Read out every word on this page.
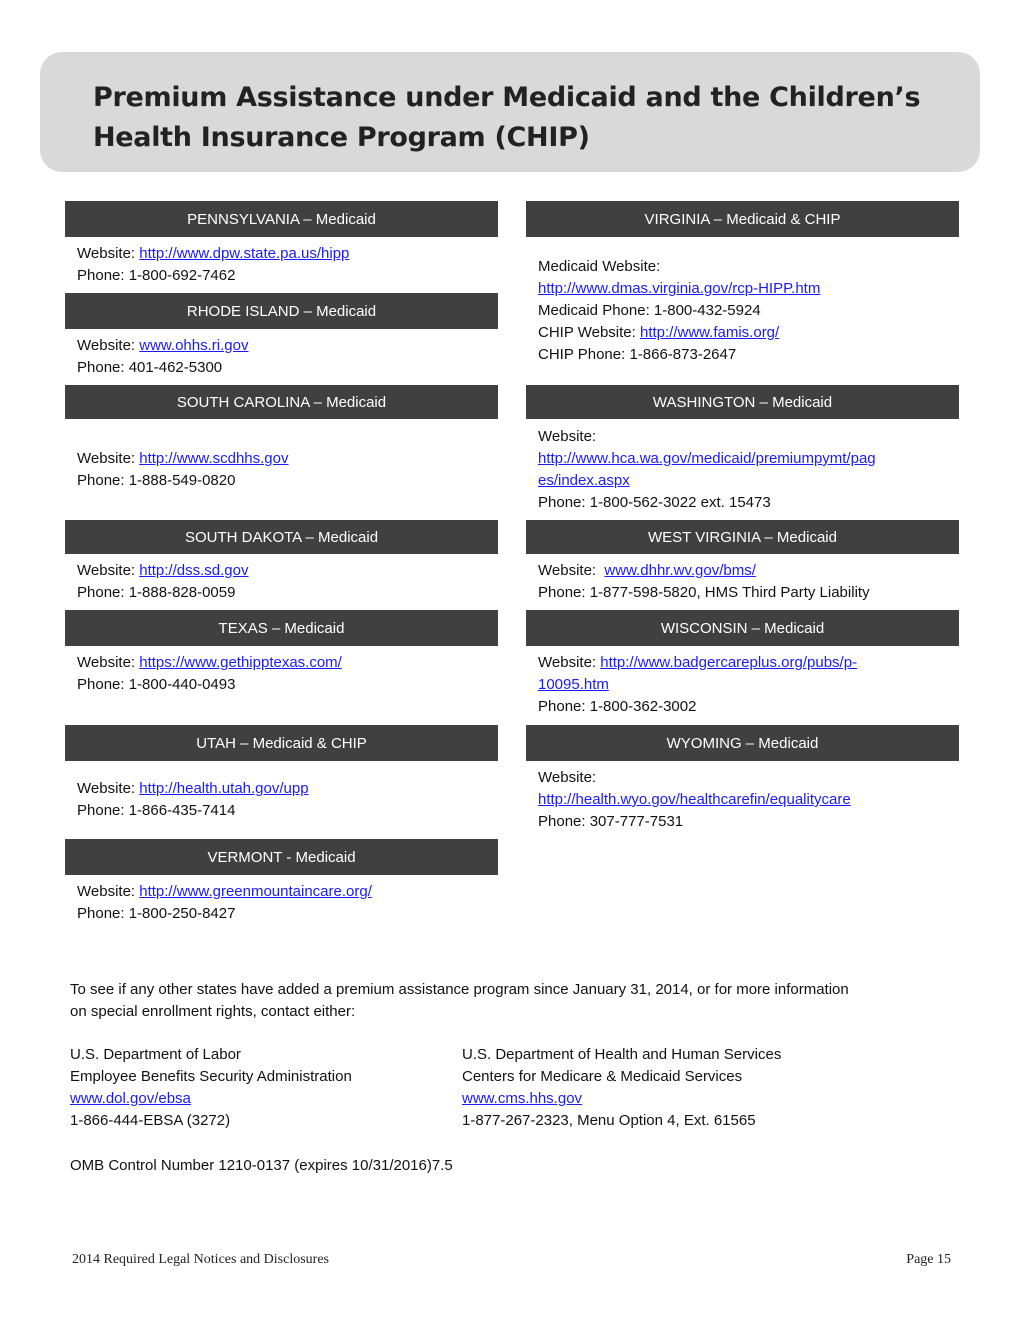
Premium Assistance under Medicaid and the Children’s
Health Insurance Program (CHIP)
PENNSYLVANIA – Medicaid
Website: http://www.dpw.state.pa.us/hipp
Phone: 1-800-692-7462
RHODE ISLAND – Medicaid
Website: www.ohhs.ri.gov
Phone: 401-462-5300
SOUTH CAROLINA – Medicaid
Website: http://www.scdhhs.gov
Phone: 1-888-549-0820
SOUTH DAKOTA – Medicaid
Website: http://dss.sd.gov
Phone: 1-888-828-0059
TEXAS – Medicaid
Website: https://www.gethipptexas.com/
Phone: 1-800-440-0493
UTAH – Medicaid & CHIP
Website: http://health.utah.gov/upp
Phone: 1-866-435-7414
VERMONT - Medicaid
Website: http://www.greenmountaincare.org/
Phone: 1-800-250-8427
VIRGINIA – Medicaid & CHIP
Medicaid Website:
http://www.dmas.virginia.gov/rcp-HIPP.htm
Medicaid Phone: 1-800-432-5924
CHIP Website: http://www.famis.org/
CHIP Phone: 1-866-873-2647
WASHINGTON – Medicaid
Website:
http://www.hca.wa.gov/medicaid/premiumpymt/pag
es/index.aspx
Phone: 1-800-562-3022 ext. 15473
WEST VIRGINIA – Medicaid
Website:  www.dhhr.wv.gov/bms/
Phone: 1-877-598-5820, HMS Third Party Liability
WISCONSIN – Medicaid
Website: http://www.badgercareplus.org/pubs/p-
10095.htm
Phone: 1-800-362-3002
WYOMING – Medicaid
Website:
http://health.wyo.gov/healthcarefin/equalitycare
Phone: 307-777-7531
To see if any other states have added a premium assistance program since January 31, 2014, or for more information
on special enrollment rights, contact either:
U.S. Department of Labor
Employee Benefits Security Administration
www.dol.gov/ebsa
1-866-444-EBSA (3272)
U.S. Department of Health and Human Services
Centers for Medicare & Medicaid Services
www.cms.hhs.gov
1-877-267-2323, Menu Option 4, Ext. 61565
OMB Control Number 1210-0137 (expires 10/31/2016)7.5
2014 Required Legal Notices and Disclosures	Page 15
